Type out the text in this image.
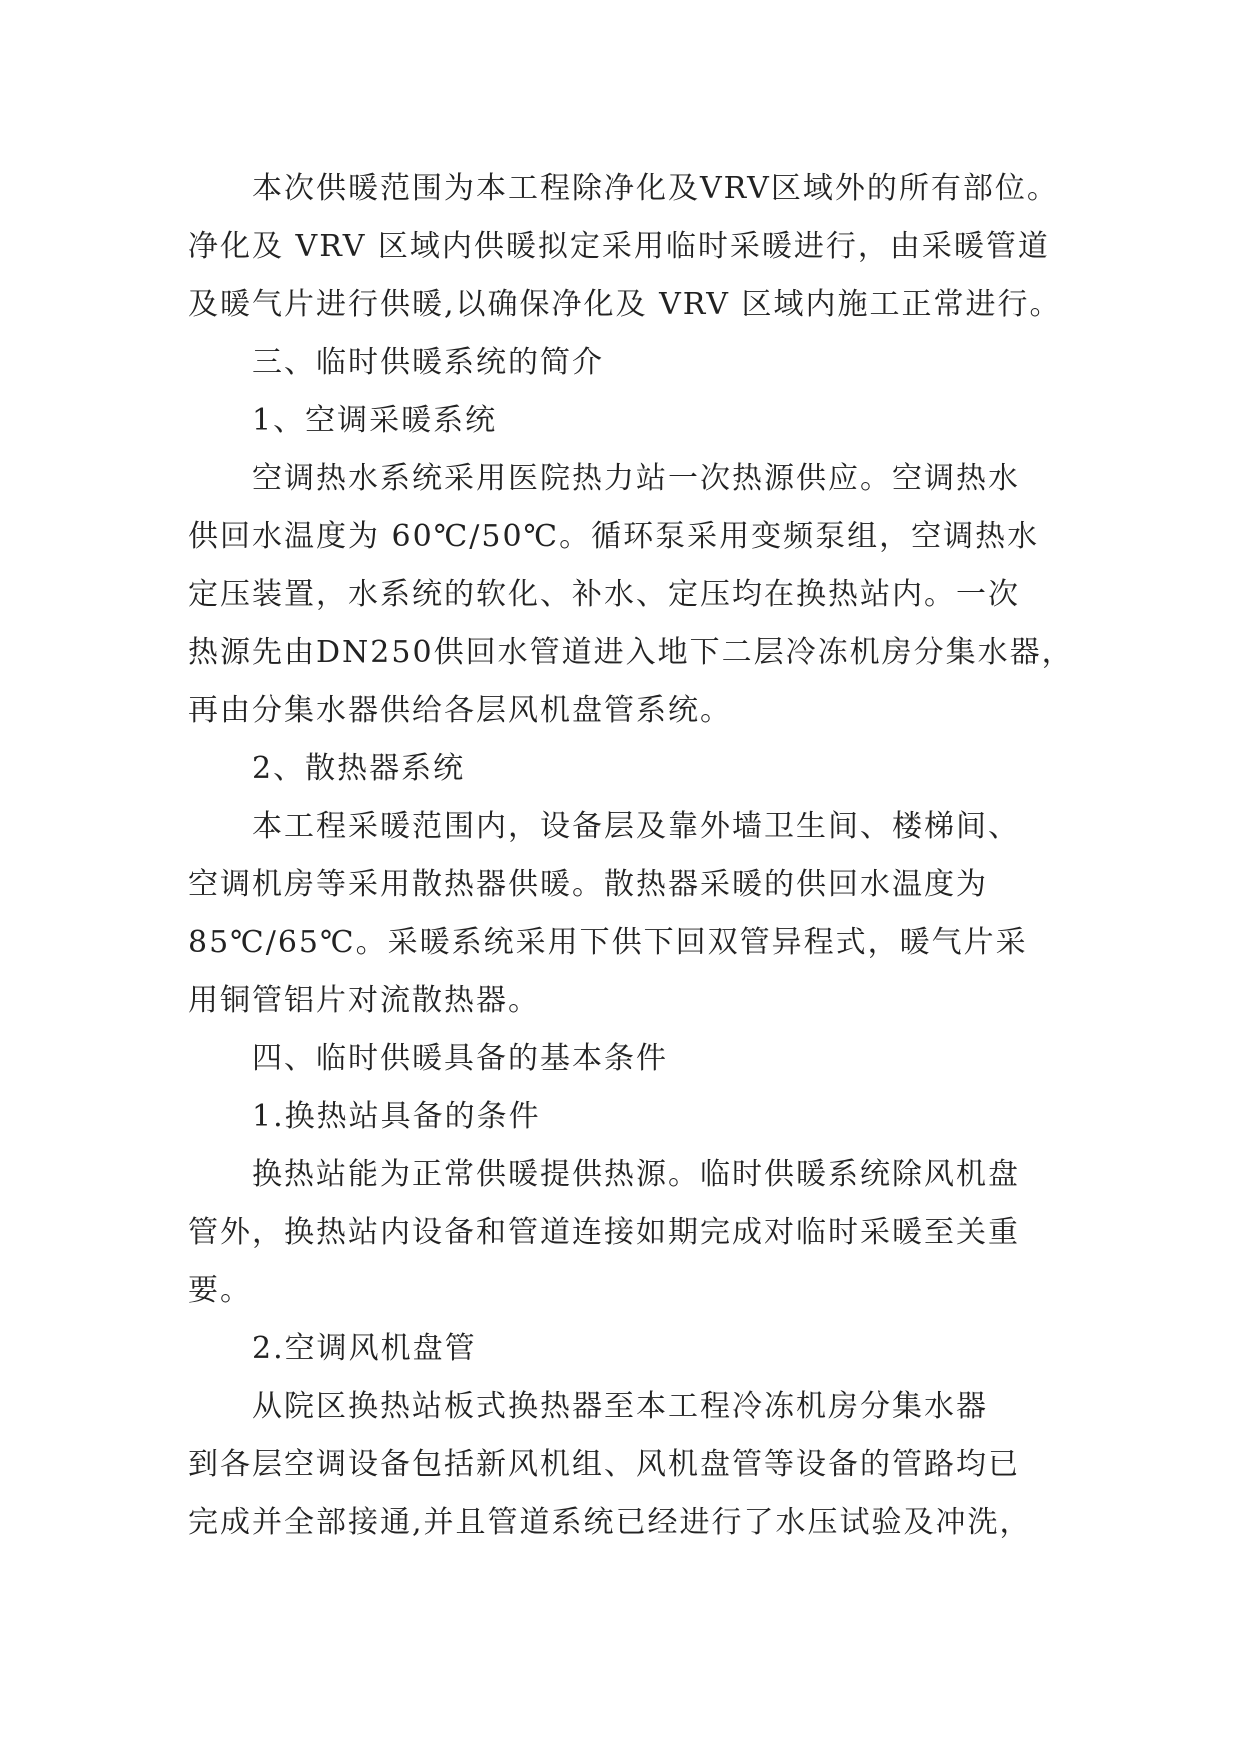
本次供暖范围为本工程除净化及VRV区域外的所有部位。
净化及 VRV 区域内供暖拟定采用临时采暖进行，由采暖管道
及暖气片进行供暖,以确保净化及 VRV 区域内施工正常进行。
三、临时供暖系统的简介
1、空调采暖系统
空调热水系统采用医院热力站一次热源供应。空调热水
供回水温度为 60℃/50℃。循环泵采用变频泵组，空调热水
定压装置，水系统的软化、补水、定压均在换热站内。一次
热源先由DN250供回水管道进入地下二层冷冻机房分集水器，
再由分集水器供给各层风机盘管系统。
2、散热器系统
本工程采暖范围内，设备层及靠外墙卫生间、楼梯间、
空调机房等采用散热器供暖。散热器采暖的供回水温度为
85℃/65℃。采暖系统采用下供下回双管异程式，暖气片采
用铜管铝片对流散热器。
四、临时供暖具备的基本条件
1.换热站具备的条件
换热站能为正常供暖提供热源。临时供暖系统除风机盘
管外，换热站内设备和管道连接如期完成对临时采暖至关重
要。
2.空调风机盘管
从院区换热站板式换热器至本工程冷冻机房分集水器
到各层空调设备包括新风机组、风机盘管等设备的管路均已
完成并全部接通,并且管道系统已经进行了水压试验及冲洗，
